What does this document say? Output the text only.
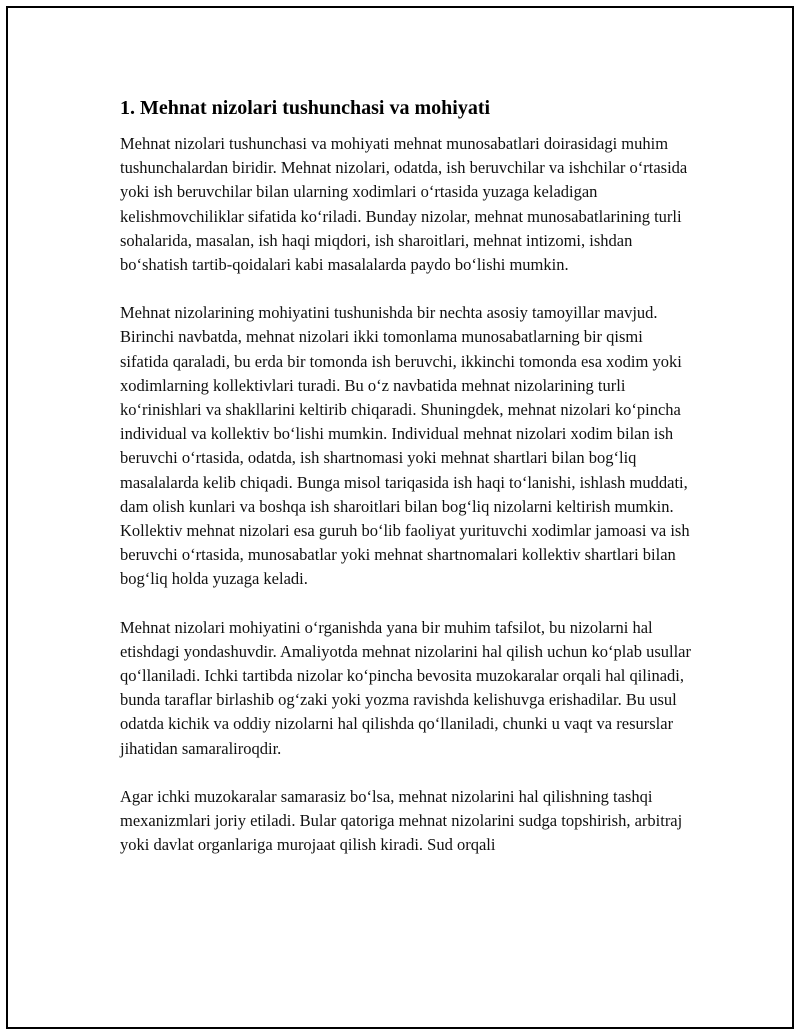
1. Mehnat nizolari tushunchasi va mohiyati

Mehnat nizolari tushunchasi va mohiyati mehnat munosabatlari doirasidagi muhim tushunchalardan biridir. Mehnat nizolari, odatda, ish beruvchilar va ishchilar o‘rtasida yoki ish beruvchilar bilan ularning xodimlari o‘rtasida yuzaga keladigan kelishmovchiliklar sifatida ko‘riladi. Bunday nizolar, mehnat munosabatlarining turli sohalarida, masalan, ish haqi miqdori, ish sharoitlari, mehnat intizomi, ishdan bo‘shatish tartib-qoidalari kabi masalalarda paydo bo‘lishi mumkin.

Mehnat nizolarining mohiyatini tushunishda bir nechta asosiy tamoyillar mavjud. Birinchi navbatda, mehnat nizolari ikki tomonlama munosabatlarning bir qismi sifatida qaraladi, bu erda bir tomonda ish beruvchi, ikkinchi tomonda esa xodim yoki xodimlarning kollektivlari turadi. Bu o‘z navbatida mehnat nizolarining turli ko‘rinishlari va shakllarini keltirib chiqaradi. Shuningdek, mehnat nizolari ko‘pincha individual va kollektiv bo‘lishi mumkin. Individual mehnat nizolari xodim bilan ish beruvchi o‘rtasida, odatda, ish shartnomasi yoki mehnat shartlari bilan bog‘liq masalalarda kelib chiqadi. Bunga misol tariqasida ish haqi to‘lanishi, ishlash muddati, dam olish kunlari va boshqa ish sharoitlari bilan bog‘liq nizolarni keltirish mumkin. Kollektiv mehnat nizolari esa guruh bo‘lib faoliyat yurituvchi xodimlar jamoasi va ish beruvchi o‘rtasida, munosabatlar yoki mehnat shartnomalari kollektiv shartlari bilan bog‘liq holda yuzaga keladi.

Mehnat nizolari mohiyatini o‘rganishda yana bir muhim tafsilot, bu nizolarni hal etishdagi yondashuvdir. Amaliyotda mehnat nizolarini hal qilish uchun ko‘plab usullar qo‘llaniladi. Ichki tartibda nizolar ko‘pincha bevosita muzokaralar orqali hal qilinadi, bunda taraflar birlashib og‘zaki yoki yozma ravishda kelishuvga erishadilar. Bu usul odatda kichik va oddiy nizolarni hal qilishda qo‘llaniladi, chunki u vaqt va resurslar jihatidan samaraliroqdir.

Agar ichki muzokaralar samarasiz bo‘lsa, mehnat nizolarini hal qilishning tashqi mexanizmlari joriy etiladi. Bular qatoriga mehnat nizolarini sudga topshirish, arbitraj yoki davlat organlariga murojaat qilish kiradi. Sud orqali
